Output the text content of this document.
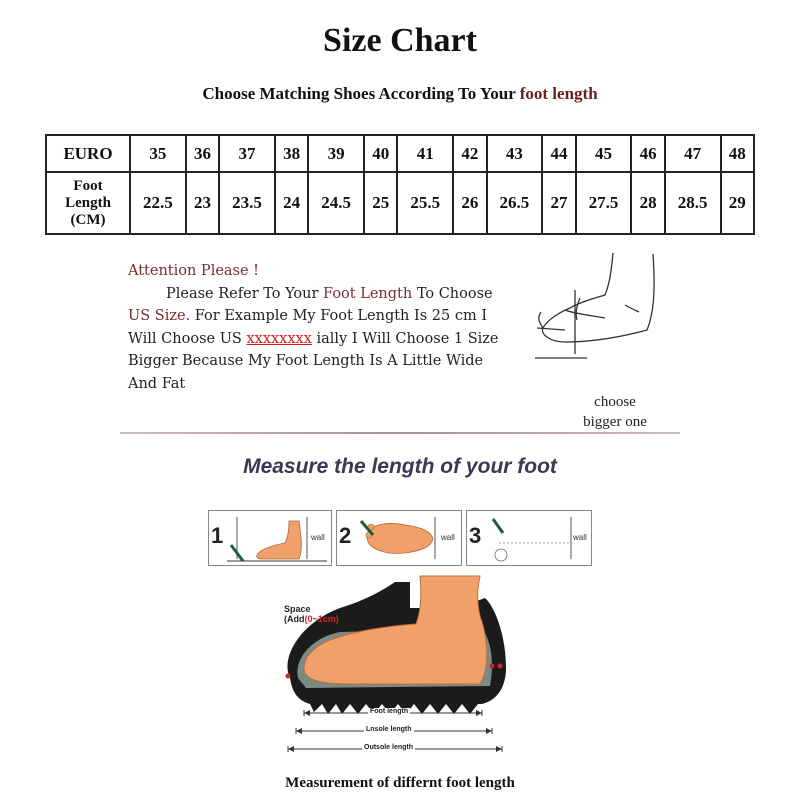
Size Chart
Choose Matching Shoes According To Your foot length
EURO	35	36	37	38	39	40	41	42	43	44	45	46	47	48

Foot
Length
(CM)	22.5	23	23.5	24	24.5	25	25.5	26	26.5	27	27.5	28	28.5	29
Attention Please !
Please Refer To Your Foot Length To Choose
US Size. For Example My Foot Length Is 25 cm I
Will Choose US xxxxxxxx ially I Will Choose 1 Size
Bigger Because My Foot Length Is A Little Wide
And Fat
choose
bigger one
Measure the length of your foot
1	wall 2	wall 3	wall
Space
(Add(0~1cm)
Foot length
Lnsole length
Outsole length
Measurement of differnt foot length
